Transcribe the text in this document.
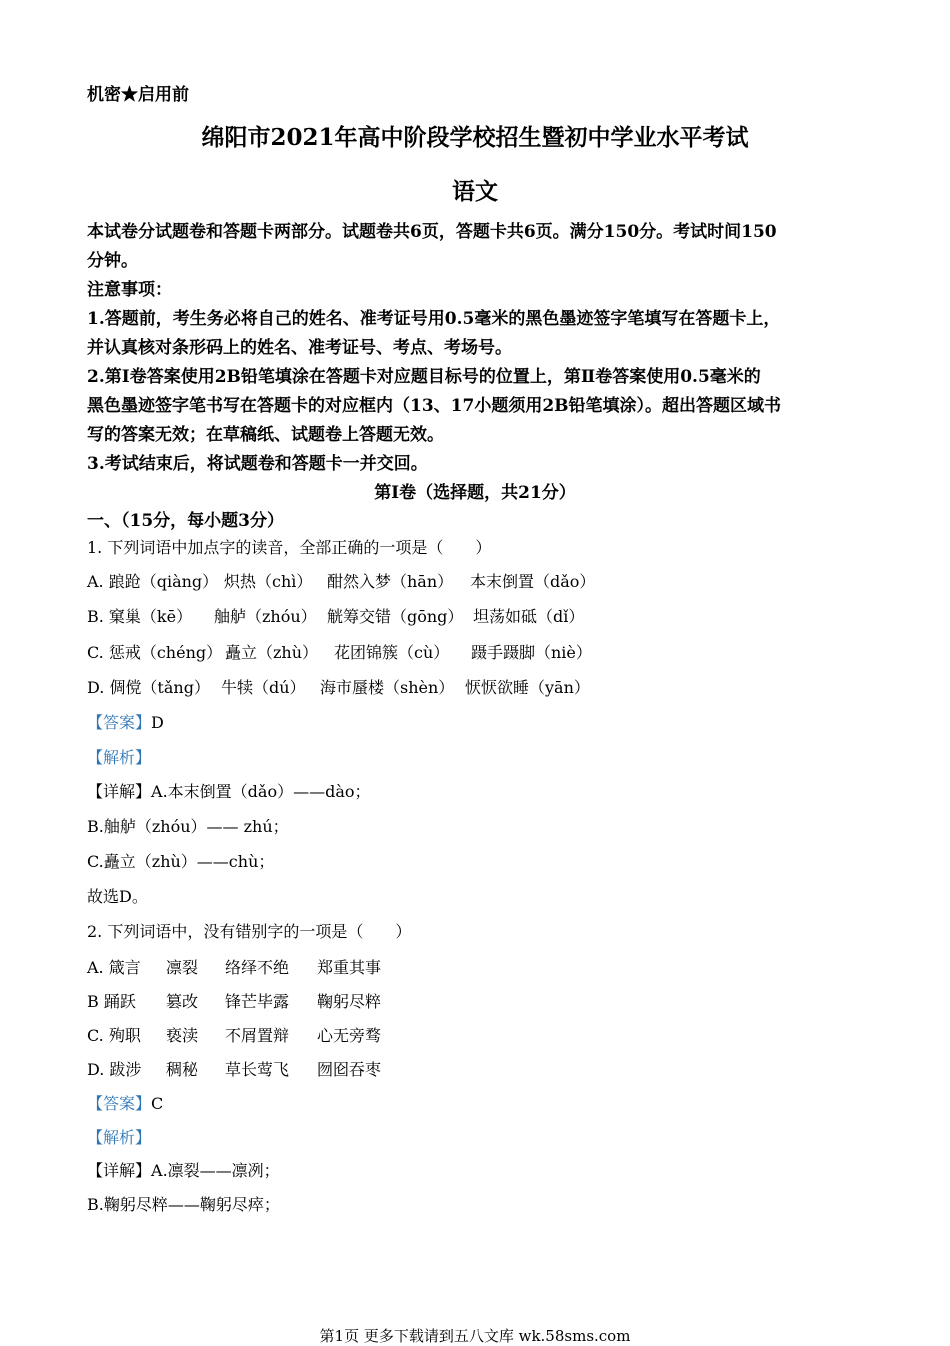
机密★启用前
绵阳市2021年高中阶段学校招生暨初中学业水平考试
语文
本试卷分试题卷和答题卡两部分。试题卷共6页，答题卡共6页。满分150分。考试时间150
分钟。
注意事项：
1.答题前，考生务必将自己的姓名、准考证号用0.5毫米的黑色墨迹签字笔填写在答题卡上，
并认真核对条形码上的姓名、准考证号、考点、考场号。
2.第Ⅰ卷答案使用2B铅笔填涂在答题卡对应题目标号的位置上，第Ⅱ卷答案使用0.5毫米的
黑色墨迹签字笔书写在答题卡的对应框内（13、17小题须用2B铅笔填涂）。超出答题区域书
写的答案无效；在草稿纸、试题卷上答题无效。
3.考试结束后，将试题卷和答题卡一并交回。
第Ⅰ卷（选择题，共21分）
一、（15分，每小题3分）
1. 下列词语中加点字的读音，全部正确的一项是（　　）
A. 踉跄（qiàng） 炽热（chì） 酣然入梦（hān） 本末倒置（dǎo）
B. 窠巢（kē） 舳舻（zhóu） 觥筹交错（gōng） 坦荡如砥（dǐ）
C. 惩戒（chéng） 矗立（zhù） 花团锦簇（cù） 蹑手蹑脚（niè）
D. 倜傥（tǎng） 牛犊（dú） 海市蜃楼（shèn） 恹恹欲睡（yān）
【答案】D
【解析】
【详解】A.本末倒置（dǎo）——dào；
B.舳舻（zhóu）—— zhú；
C.矗立（zhù）——chù；
故选D。
2. 下列词语中，没有错别字的一项是（　　）
A. 箴言 凛裂 络绎不绝 郑重其事
B 踊跃 篡改 锋芒毕露 鞠躬尽粹
C. 殉职 亵渎 不屑置辩 心无旁骛
D. 跋涉 稠秘 草长莺飞 囫囵吞枣
【答案】C
【解析】
【详解】A.凛裂——凛冽；
B.鞠躬尽粹——鞠躬尽瘁；
第1页 更多下载请到五八文库 wk.58sms.com
